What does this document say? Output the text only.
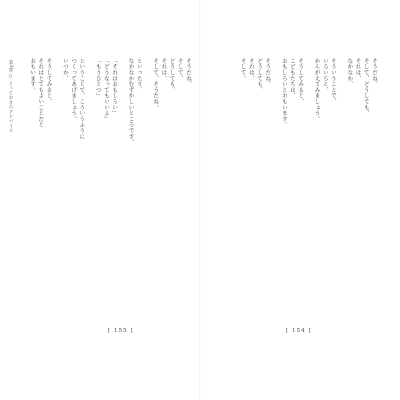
第3章 ○ とっておきのアドバイス	そうだね、
そして、
どうしても、
それは、
そして、そうだね。

といったり、
なかなかむずかしいところです。

「それはおもしろい」
「どうなってもいいよ」
「もうひとつ」

ということで、こういうふうに
つくってあげましょう。
いつか、

そうしてみると、
それはとてもよいことだと
おもいます。
[ 155 ]
そうだね。
そして、どうしても、
それは、
なかなか、

そういうことで、
いろいろと、
かんがえてみましょう。

そうしてみると、
こどもたちは、
おもしろいとおもいます。

そうだね、
どうしても、
それは、
そして。
[ 154 ]
